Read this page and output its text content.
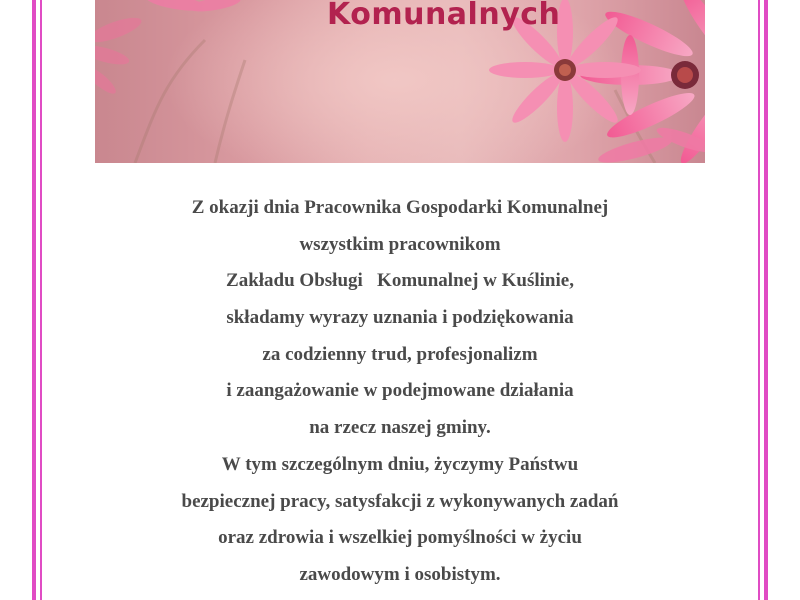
Komunalnych
Z okazji dnia Pracownika Gospodarki Komunalnej
wszystkim pracownikom
Zakładu Obsługi   Komunalnej w Kuślinie,
składamy wyrazy uznania i podziękowania
za codzienny trud, profesjonalizm
i zaangażowanie w podejmowane działania
na rzecz naszej gminy.
W tym szczególnym dniu, życzymy Państwu
bezpiecznej pracy, satysfakcji z wykonywanych zadań
oraz zdrowia i wszelkiej pomyślności w życiu
zawodowym i osobistym.
